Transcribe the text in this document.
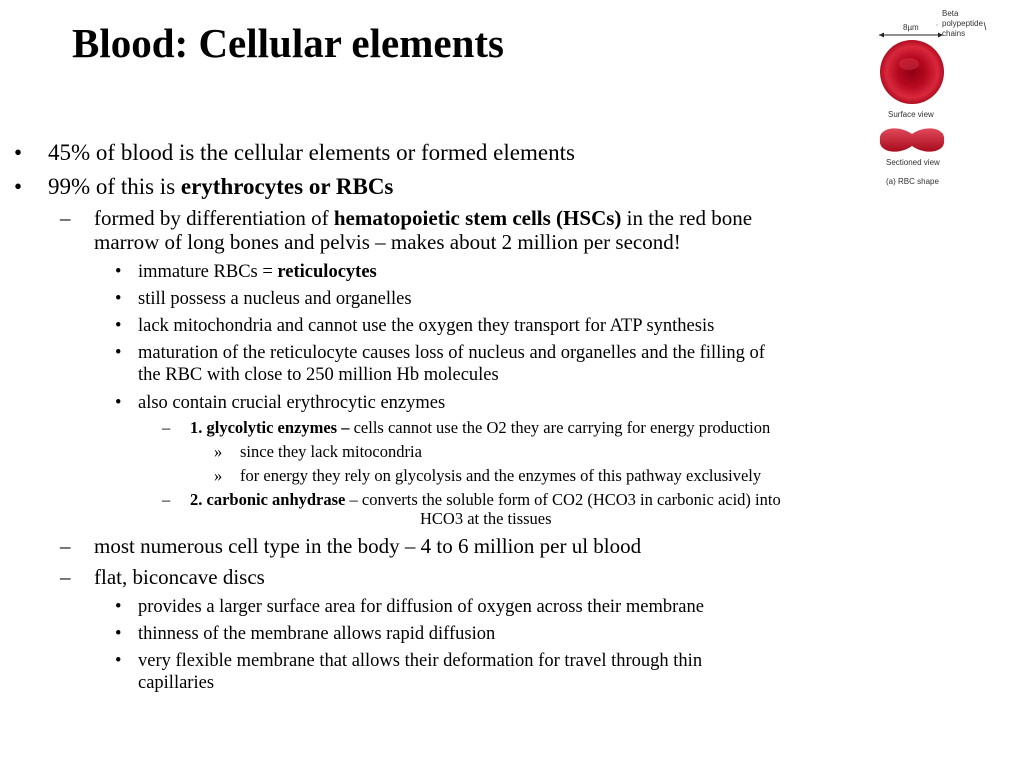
Blood: Cellular elements
• 45% of blood is the cellular elements or formed elements

• 99% of this is erythrocytes or RBCs

– formed by differentiation of hematopoietic stem cells (HSCs) in the red bone

marrow of long bones and pelvis – makes about 2 million per second!

• immature RBCs = reticulocytes

• still possess a nucleus and organelles

• lack mitochondria and cannot use the oxygen they transport for ATP synthesis

• maturation of the reticulocyte causes loss of nucleus and organelles and the filling of

the RBC with close to 250 million Hb molecules

• also contain crucial erythrocytic enzymes

– 1. glycolytic enzymes – cells cannot use the O2 they are carrying for energy production

» since they lack mitocondria

» for energy they rely on glycolysis and the enzymes of this pathway exclusively

– 2. carbonic anhydrase – converts the soluble form of CO2 (HCO3 in carbonic acid) into

HCO3 at the tissues

– most numerous cell type in the body – 4 to 6 million per ul blood

– flat, biconcave discs

• provides a larger surface area for diffusion of oxygen across their membrane

• thinness of the membrane allows rapid diffusion

• very flexible membrane that allows their deformation for travel through thin

capillaries

Beta
polypeptide
chains
8µm
Surface view
Sectioned view
(a) RBC shape
